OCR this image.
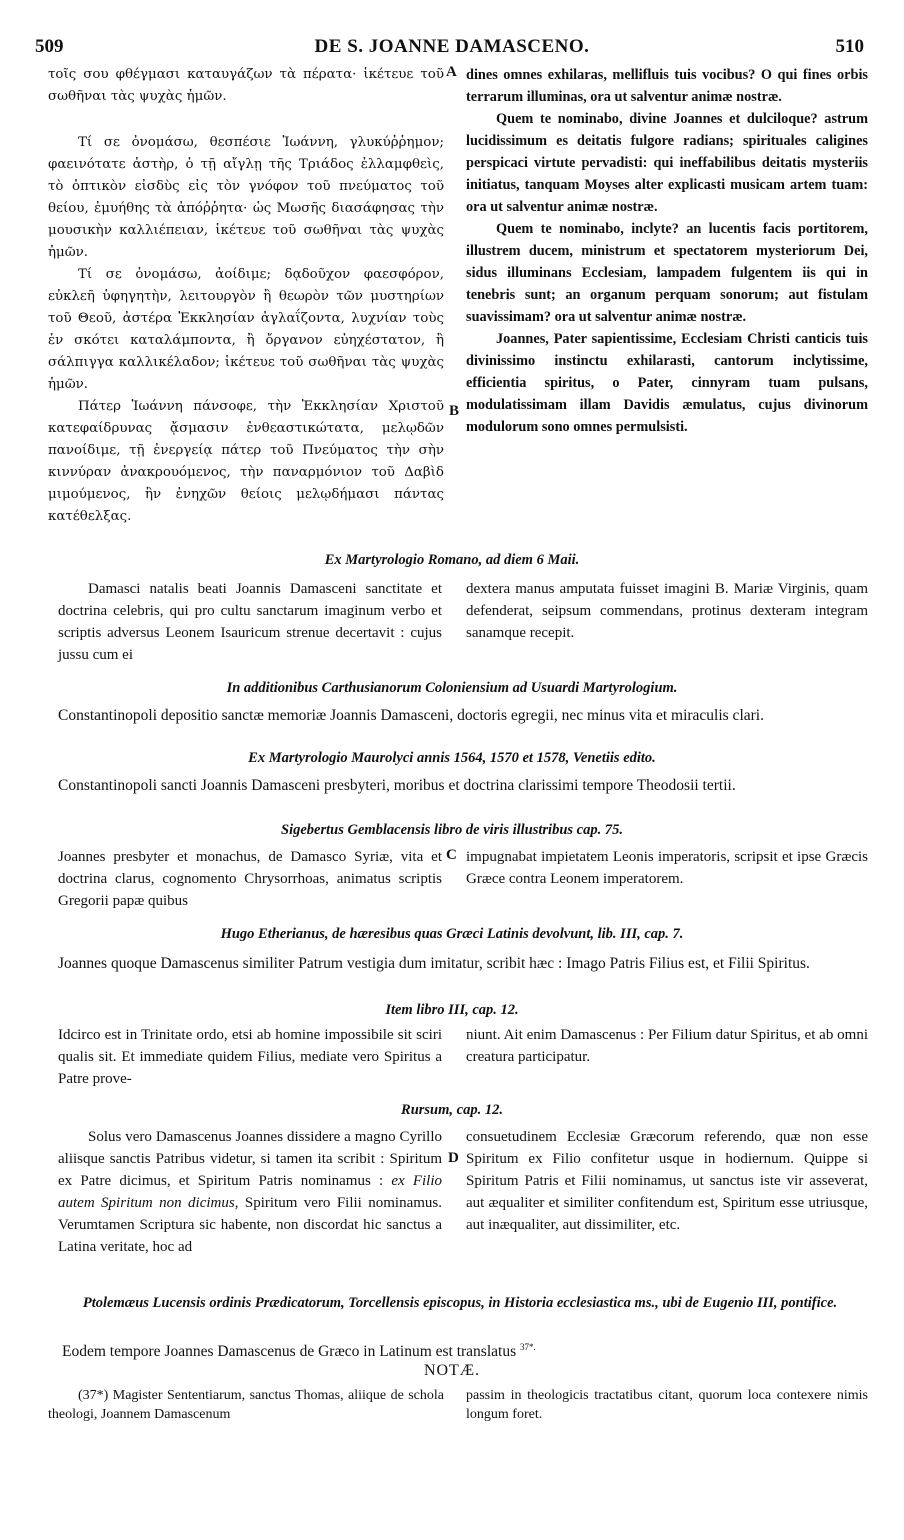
509	DE S. JOANNE DAMASCENO.	510

τοῖς σου φθέγμασι καταυγάζων τὰ πέρατα· ἱκέτευε τοῦ σωθῆναι τὰς ψυχὰς ἡμῶν.

Τί σε ὀνομάσω, θεσπέσιε Ἰωάννη, γλυκύῤῥημον; φαεινότατε ἀστὴρ, ὁ τῇ αἴγλῃ τῆς Τριάδος ἐλλαμφθεὶς, τὸ ὀπτικὸν εἰσδὺς εἰς τὸν γνόφον τοῦ πνεύματος τοῦ θείου, ἐμυήθης τὰ ἀπόῤῥητα· ὡς Μωσῆς διασάφησας τὴν μουσικὴν καλλιέπειαν, ἱκέτευε τοῦ σωθῆναι τὰς ψυχὰς ἡμῶν.

Τί σε ὀνομάσω, ἀοίδιμε; δᾳδοῦχον φαεσφόρον, εὐκλεῆ ὑφηγητὴν, λειτουργὸν ἢ θεωρὸν τῶν μυστηρίων τοῦ Θεοῦ, ἀστέρα Ἐκκλησίαν ἀγλαΐζοντα, λυχνίαν τοὺς ἐν σκότει καταλάμποντα, ἢ ὄργανον εὐηχέστατον, ἢ σάλπιγγα καλλικέλαδον; ἱκέτευε τοῦ σωθῆναι τὰς ψυχὰς ἡμῶν.

Πάτερ Ἰωάννη πάνσοφε, τὴν Ἐκκλησίαν Χριστοῦ κατεφαίδρυνας ᾄσμασιν ἐνθεαστικώτατα, μελῳδῶν πανοίδιμε, τῇ ἐνεργείᾳ πάτερ τοῦ Πνεύματος τὴν σὴν κιννύραν ἀνακρουόμενος, τὴν παναρμόνιον τοῦ Δαβὶδ μιμούμενος, ἣν ἐνηχῶν θείοις μελῳδήμασι πάντας κατέθελξας.

A
B

dines omnes exhilaras, mellifluis tuis vocibus? O qui fines orbis terrarum illuminas, ora ut salventur animæ nostræ.

Quem te nominabo, divine Joannes et dulciloque? astrum lucidissimum es deitatis fulgore radians; spirituales caligines perspicaci virtute pervadisti: qui ineffabilibus deitatis mysteriis initiatus, tanquam Moyses alter explicasti musicam artem tuam: ora ut salventur animæ nostræ.

Quem te nominabo, inclyte? an lucentis facis portitorem, illustrem ducem, ministrum et spectatorem mysteriorum Dei, sidus illuminans Ecclesiam, lampadem fulgentem iis qui in tenebris sunt; an organum perquam sonorum; aut fistulam suavissimam? ora ut salventur animæ nostræ.

Joannes, Pater sapientissime, Ecclesiam Christi canticis tuis divinissimo instinctu exhilarasti, cantorum inclytissime, efficientia spiritus, o Pater, cinnyram tuam pulsans, modulatissimam illam Davidis æmulatus, cujus divinorum modulorum sono omnes permulsisti.

Ex Martyrologio Romano, ad diem 6 Maii.

Damasci natalis beati Joannis Damasceni sanctitate et doctrina celebris, qui pro cultu sanctarum imaginum verbo et scriptis adversus Leonem Isauricum strenue decertavit : cujus jussu cum ei

dextera manus amputata fuisset imagini B. Mariæ Virginis, quam defenderat, seipsum commendans, protinus dexteram integram sanamque recepit.

In additionibus Carthusianorum Coloniensium ad Usuardi Martyrologium.

Constantinopoli depositio sanctæ memoriæ Joannis Damasceni, doctoris egregii, nec minus vita et miraculis clari.

Ex Martyrologio Maurolyci annis 1564, 1570 et 1578, Venetiis edito.

Constantinopoli sancti Joannis Damasceni presbyteri, moribus et doctrina clarissimi tempore Theodosii tertii.

Sigebertus Gemblacensis libro de viris illustribus cap. 75.

Joannes presbyter et monachus, de Damasco Syriæ, vita et doctrina clarus, cognomento Chrysorrhoas, animatus scriptis Gregorii papæ quibus

C impugnabat impietatem Leonis imperatoris, scripsit et ipse Græcis Græce contra Leonem imperatorem.

Hugo Etherianus, de hæresibus quas Græci Latinis devolvunt, lib. III, cap. 7.

Joannes quoque Damascenus similiter Patrum vestigia dum imitatur, scribit hæc : Imago Patris Filius est, et Filii Spiritus.

Item libro III, cap. 12.

Idcirco est in Trinitate ordo, etsi ab homine impossibile sit sciri qualis sit. Et immediate quidem Filius, mediate vero Spiritus a Patre prove-

niunt. Ait enim Damascenus : Per Filium datur Spiritus, et ab omni creatura participatur.

Rursum, cap. 12.

Solus vero Damascenus Joannes dissidere a magno Cyrillo aliisque sanctis Patribus videtur, si tamen ita scribit : Spiritum ex Patre dicimus, et Spiritum Patris nominamus : ex Filio autem Spiritum non dicimus, Spiritum vero Filii nominamus. Verumtamen Scriptura sic habente, non discordat hic sanctus a Latina veritate, hoc ad

D

consuetudinem Ecclesiæ Græcorum referendo, quæ non esse Spiritum ex Filio confitetur usque in hodiernum. Quippe si Spiritum Patris et Filii nominamus, ut sanctus iste vir asseverat, aut æqualiter et similiter confitendum est, Spiritum esse utriusque, aut inæqualiter, aut dissimiliter, etc.

Ptolemæus Lucensis ordinis Prædicatorum, Torcellensis episcopus, in Historia ecclesiastica ms., ubi de Eugenio III, pontifice.

Eodem tempore Joannes Damascenus de Græco in Latinum est translatus $^{37*.}$

NOTÆ.

(37*) Magister Sententiarum, sanctus Thomas, aliique de schola theologi, Joannem Damascenum

passim in theologicis tractatibus citant, quorum loca contexere nimis longum foret.
